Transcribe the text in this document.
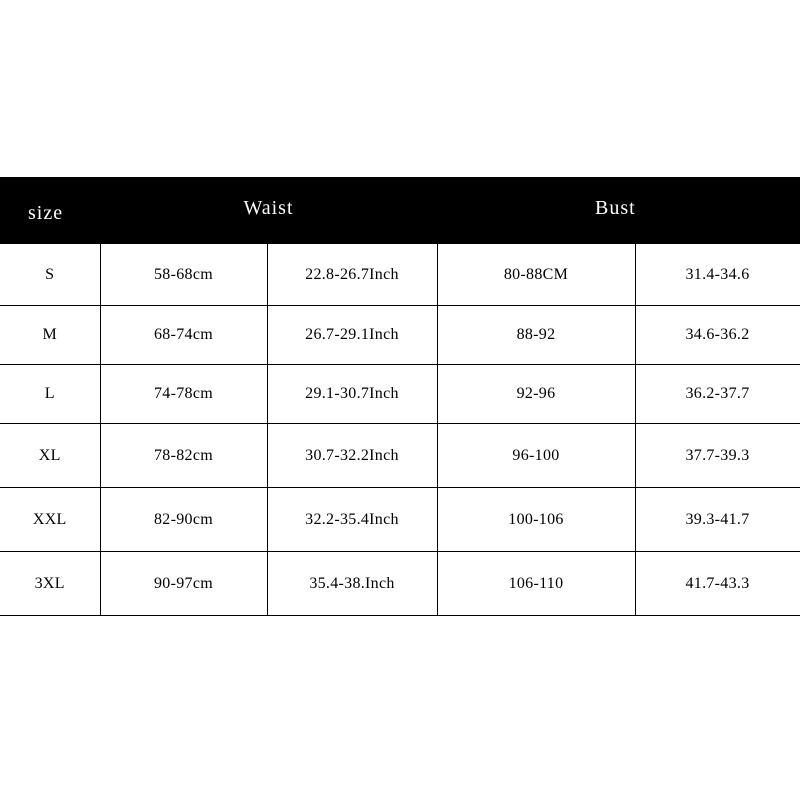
size	Waist		Bust	
S	58-68cm	22.8-26.7Inch	80-88CM	31.4-34.6
M	68-74cm	26.7-29.1Inch	88-92	34.6-36.2
L	74-78cm	29.1-30.7Inch	92-96	36.2-37.7
XL	78-82cm	30.7-32.2Inch	96-100	37.7-39.3
XXL	82-90cm	32.2-35.4Inch	100-106	39.3-41.7
3XL	90-97cm	35.4-38.Inch	106-110	41.7-43.3
